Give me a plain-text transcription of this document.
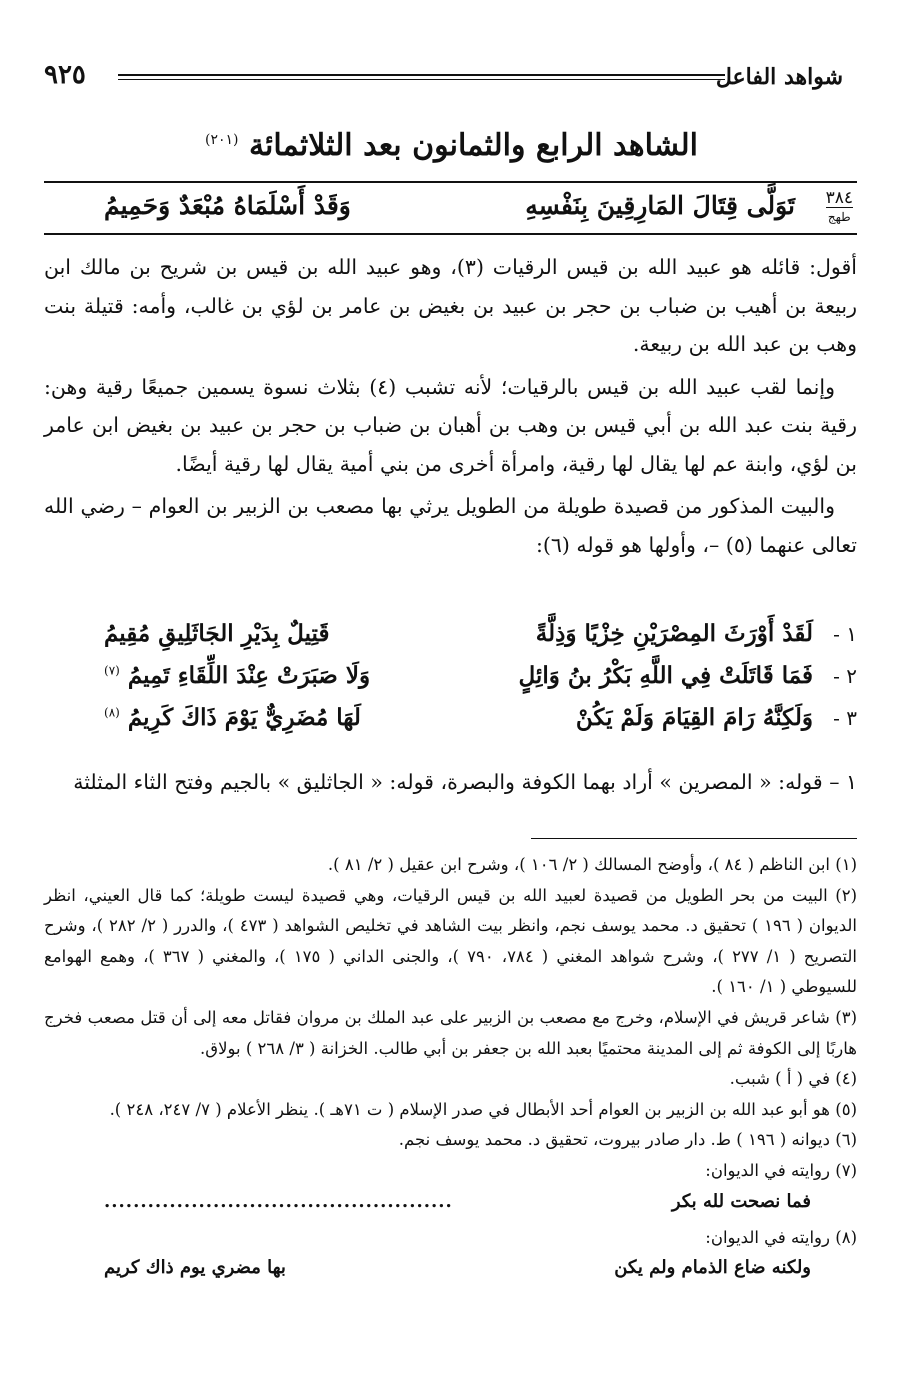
شواهد الفاعل
٩٢٥
الشاهد الرابع والثمانون بعد الثلاثمائة $^{(٢٠١)}$
٣٨٤
طهج
تَوَلَّى قِتَالَ المَارِقِينَ بِنَفْسِهِ
وَقَدْ أَسْلَمَاهُ مُبْعَدٌ وَحَمِيمُ

أقول: قائله هو عبيد الله بن قيس الرقيات (٣)، وهو عبيد الله بن قيس بن شريح بن مالك ابن ربيعة بن أهيب بن ضباب بن حجر بن عبيد بن بغيض بن عامر بن لؤي بن غالب، وأمه: قتيلة بنت وهب بن عبد الله بن ربيعة.

وإنما لقب عبيد الله بن قيس بالرقيات؛ لأنه تشبب (٤) بثلاث نسوة يسمين جميعًا رقية وهن: رقية بنت عبد الله بن أبي قيس بن وهب بن أهبان بن ضباب بن حجر بن عبيد بن بغيض ابن عامر بن لؤي، وابنة عم لها يقال لها رقية، وامرأة أخرى من بني أمية يقال لها رقية أيضًا.

والبيت المذكور من قصيدة طويلة من الطويل يرثي بها مصعب بن الزبير بن العوام – رضي الله تعالى عنهما (٥) –، وأولها هو قوله (٦):

١ -
لَقَدْ أَوْرَثَ المِصْرَيْنِ خِزْيًا وَذِلَّةً
قَتِيلٌ بِدَيْرِ الجَاثَلِيقِ مُقِيمُ
٢ -
فَمَا قَاتَلَتْ فِي اللَّهِ بَكْرُ بنُ وَائِلٍ
وَلَا صَبَرَتْ عِنْدَ اللِّقَاءِ تَمِيمُ $^{(٧)}$
٣ -
وَلَكِنَّهُ رَامَ القِيَامَ وَلَمْ يَكُنْ
لَهَا مُضَرِيٌّ يَوْمَ ذَاكَ كَرِيمُ $^{(٨)}$
١ – قوله: « المصرين » أراد بهما الكوفة والبصرة، قوله: « الجاثليق » بالجيم وفتح الثاء المثلثة

(١) ابن الناظم ( ٨٤ )، وأوضح المسالك ( ٢/ ١٠٦ )، وشرح ابن عقيل ( ٢/ ٨١ ).

(٢) البيت من بحر الطويل من قصيدة لعبيد الله بن قيس الرقيات، وهي قصيدة ليست طويلة؛ كما قال العيني، انظر الديوان ( ١٩٦ ) تحقيق د. محمد يوسف نجم، وانظر بيت الشاهد في تخليص الشواهد ( ٤٧٣ )، والدرر ( ٢/ ٢٨٢ )، وشرح التصريح ( ١/ ٢٧٧ )، وشرح شواهد المغني ( ٧٨٤، ٧٩٠ )، والجنى الداني ( ١٧٥ )، والمغني ( ٣٦٧ )، وهمع الهوامع للسيوطي ( ١/ ١٦٠ ).

(٣) شاعر قريش في الإسلام، وخرج مع مصعب بن الزبير على عبد الملك بن مروان فقاتل معه إلى أن قتل مصعب فخرج هاربًا إلى الكوفة ثم إلى المدينة محتميًا بعبد الله بن جعفر بن أبي طالب. الخزانة ( ٣/ ٢٦٨ ) بولاق.

(٤) في ( أ ) شبب.

(٥) هو أبو عبد الله بن الزبير بن العوام أحد الأبطال في صدر الإسلام ( ت ٧١هـ ). ينظر الأعلام ( ٧/ ٢٤٧، ٢٤٨ ).

(٦) ديوانه ( ١٩٦ ) ط. دار صادر بيروت، تحقيق د. محمد يوسف نجم.

(٧) روايته في الديوان:

فما نصحت لله بكر
................................................

(٨) روايته في الديوان:

ولكنه ضاع الذمام ولم يكن
بها مضري يوم ذاك كريم
